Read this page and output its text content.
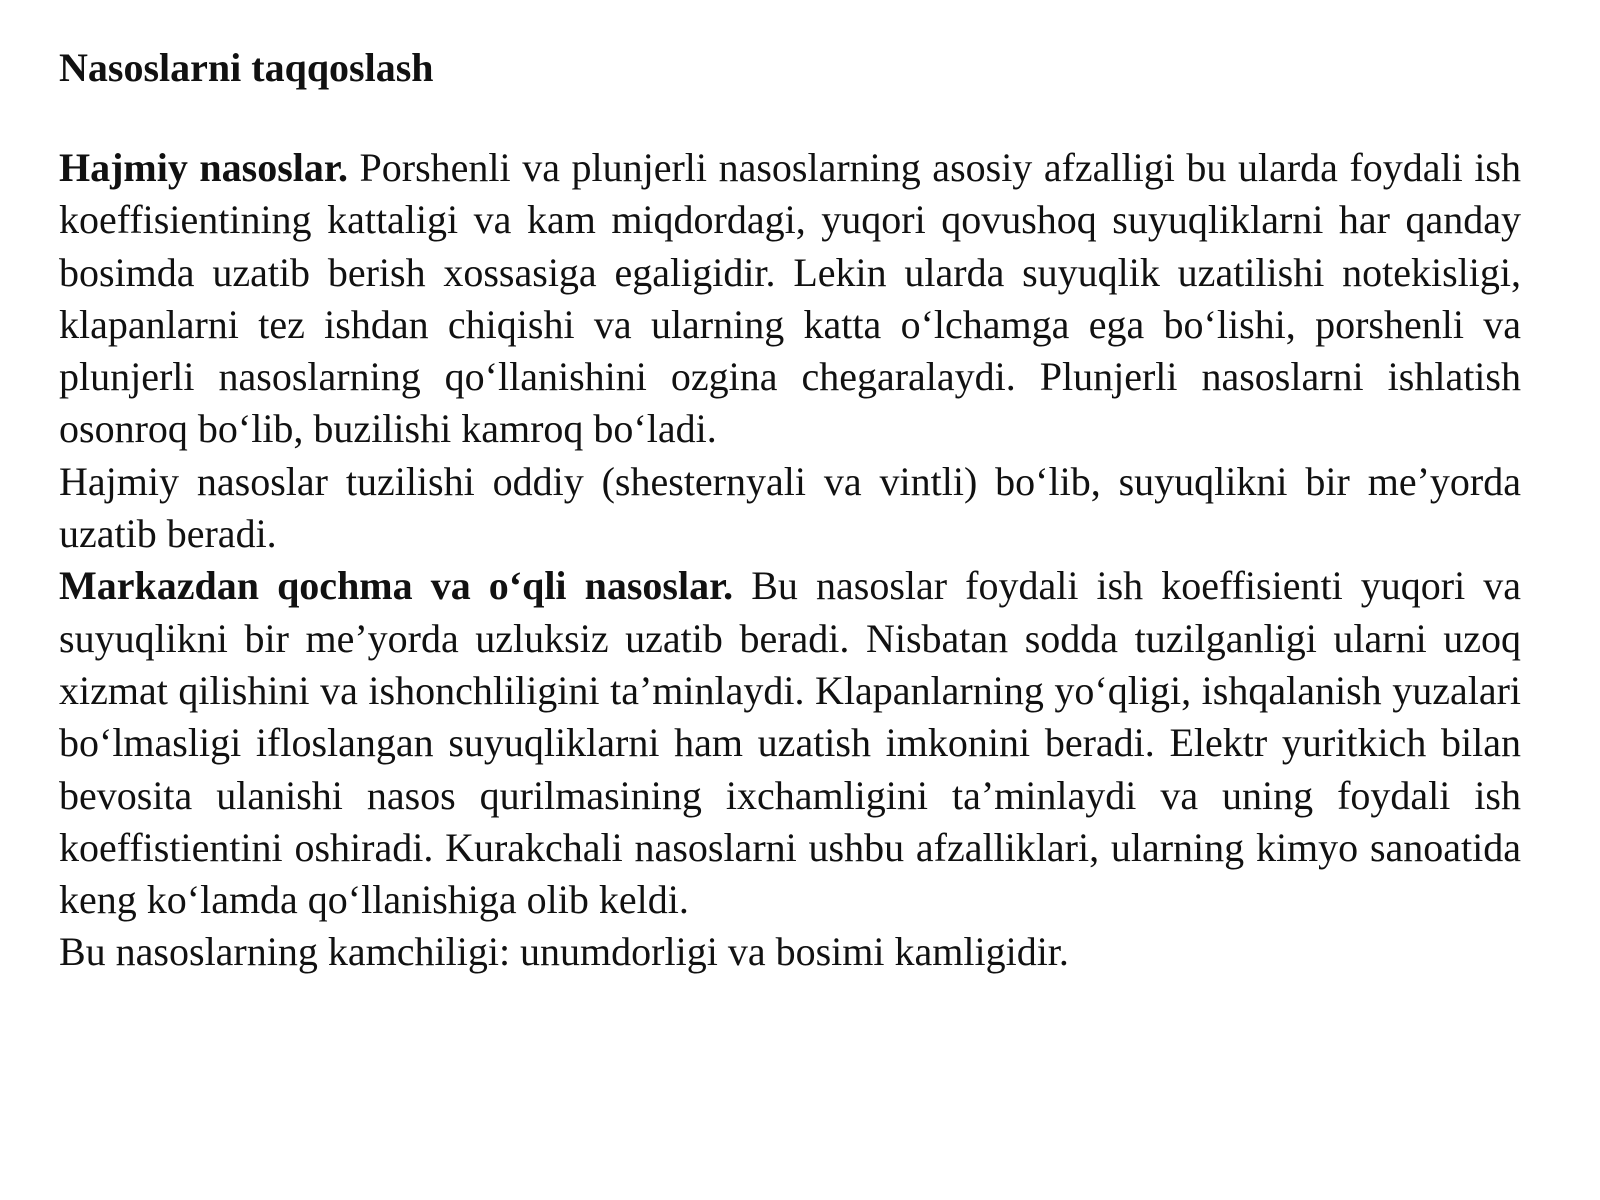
Nasoslarni taqqoslash

Hajmiy nasoslar. Porshenli va plunjerli nasoslarning asosiy afzalligi bu ularda foydali ish koeffisientining kattaligi va kam miqdordagi, yuqori qovushoq suyuqliklarni har qanday bosimda uzatib berish xossasiga egaligidir. Lekin ularda suyuqlik uzatilishi notekisligi, klapanlarni tez ishdan chiqishi va ularning katta o‘lchamga ega bo‘lishi, porshenli va plunjerli nasoslarning qo‘llanishini ozgina chegaralaydi. Plunjerli nasoslarni ishlatish osonroq bo‘lib, buzilishi kamroq bo‘ladi.

Hajmiy nasoslar tuzilishi oddiy (shesternyali va vintli) bo‘lib, suyuqlikni bir me’yorda uzatib beradi.

Markazdan qochma va o‘qli nasoslar. Bu nasoslar foydali ish koeffisienti yuqori va suyuqlikni bir me’yorda uzluksiz uzatib beradi. Nisbatan sodda tuzilganligi ularni uzoq xizmat qilishini va ishonchliligini ta’minlaydi. Klapanlarning yo‘qligi, ishqalanish yuzalari bo‘lmasligi ifloslangan suyuqliklarni ham uzatish imkonini beradi. Elektr yuritkich bilan bevosita ulanishi nasos qurilmasining ixchamligini ta’minlaydi va uning foydali ish koeffistientini oshiradi. Kurakchali nasoslarni ushbu afzalliklari, ularning kimyo sanoatida keng ko‘lamda qo‘llanishiga olib keldi.

Bu nasoslarning kamchiligi: unumdorligi va bosimi kamligidir.
